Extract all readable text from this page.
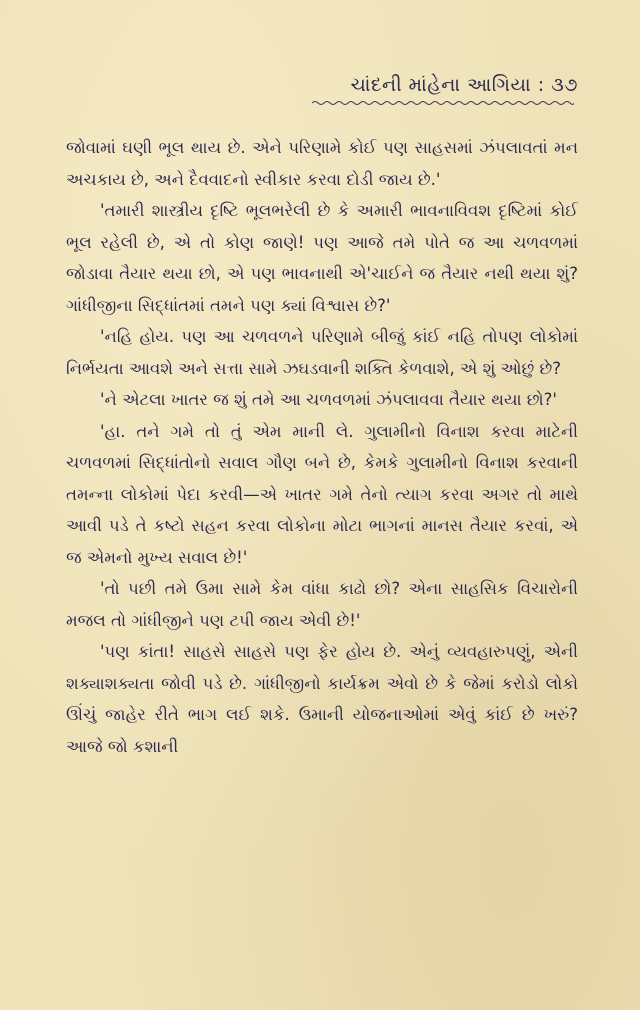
ચાંદની માંહેના આગિયા : ૩૭

જોવામાં ઘણી ભૂલ થાય છે. એને પરિણામે કોઈ પણ સાહસમાં ઝંપલાવતાં મન અચકાય છે, અને દૈવવાદનો સ્વીકાર કરવા દોડી જાય છે.'

'તમારી શાસ્ત્રીય દૃષ્ટિ ભૂલભરેલી છે કે અમારી ભાવનાવિવશ દૃષ્ટિમાં કોઈ ભૂલ રહેલી છે, એ તો કોણ જાણે! પણ આજે તમે પોતે જ આ ચળવળમાં જોડાવા તૈયાર થયા છો, એ પણ ભાવનાથી એ'ચાઈને જ તૈયાર નથી થયા શું? ગાંધીજીના સિદ્ધાંતમાં તમને પણ ક્યાં વિશ્વાસ છે?'

'નહિ હોય. પણ આ ચળવળને પરિણામે બીજું કાંઈ નહિ તોપણ લોકોમાં નિર્ભયતા આવશે અને સત્તા સામે ઝઘડવાની શક્તિ કેળવાશે, એ શું ઓછું છે?

'ને એટલા ખાતર જ શું તમે આ ચળવળમાં ઝંપલાવવા તૈયાર થયા છો?'

'હા. તને ગમે તો તું એમ માની લે. ગુલામીનો વિનાશ કરવા માટેની ચળવળમાં સિદ્ધાંતોનો સવાલ ગૌણ બને છે, કેમકે ગુલામીનો વિનાશ કરવાની તમન્ના લોકોમાં પેદા કરવી—એ ખાતર ગમે તેનો ત્યાગ કરવા અગર તો માથે આવી પડે તે કષ્ટો સહન કરવા લોકોના મોટા ભાગનાં માનસ તૈયાર કરવાં, એ જ એમનો મુખ્ય સવાલ છે!'

'તો પછી તમે ઉમા સામે કેમ વાંધા કાઢો છો? એના સાહસિક વિચારોની મજલ તો ગાંધીજીને પણ ટપી જાય એવી છે!'

'પણ કાંતા! સાહસે સાહસે પણ ફેર હોય છે. એનું વ્યવહારુપણું, એની શક્યાશક્યતા જોવી પડે છે. ગાંધીજીનો કાર્યક્રમ એવો છે કે જેમાં કરોડો લોકો ઊંચું જાહેર રીતે ભાગ લઈ શકે. ઉમાની યોજનાઓમાં એવું કાંઈ છે ખરું? આજે જો કશાની
